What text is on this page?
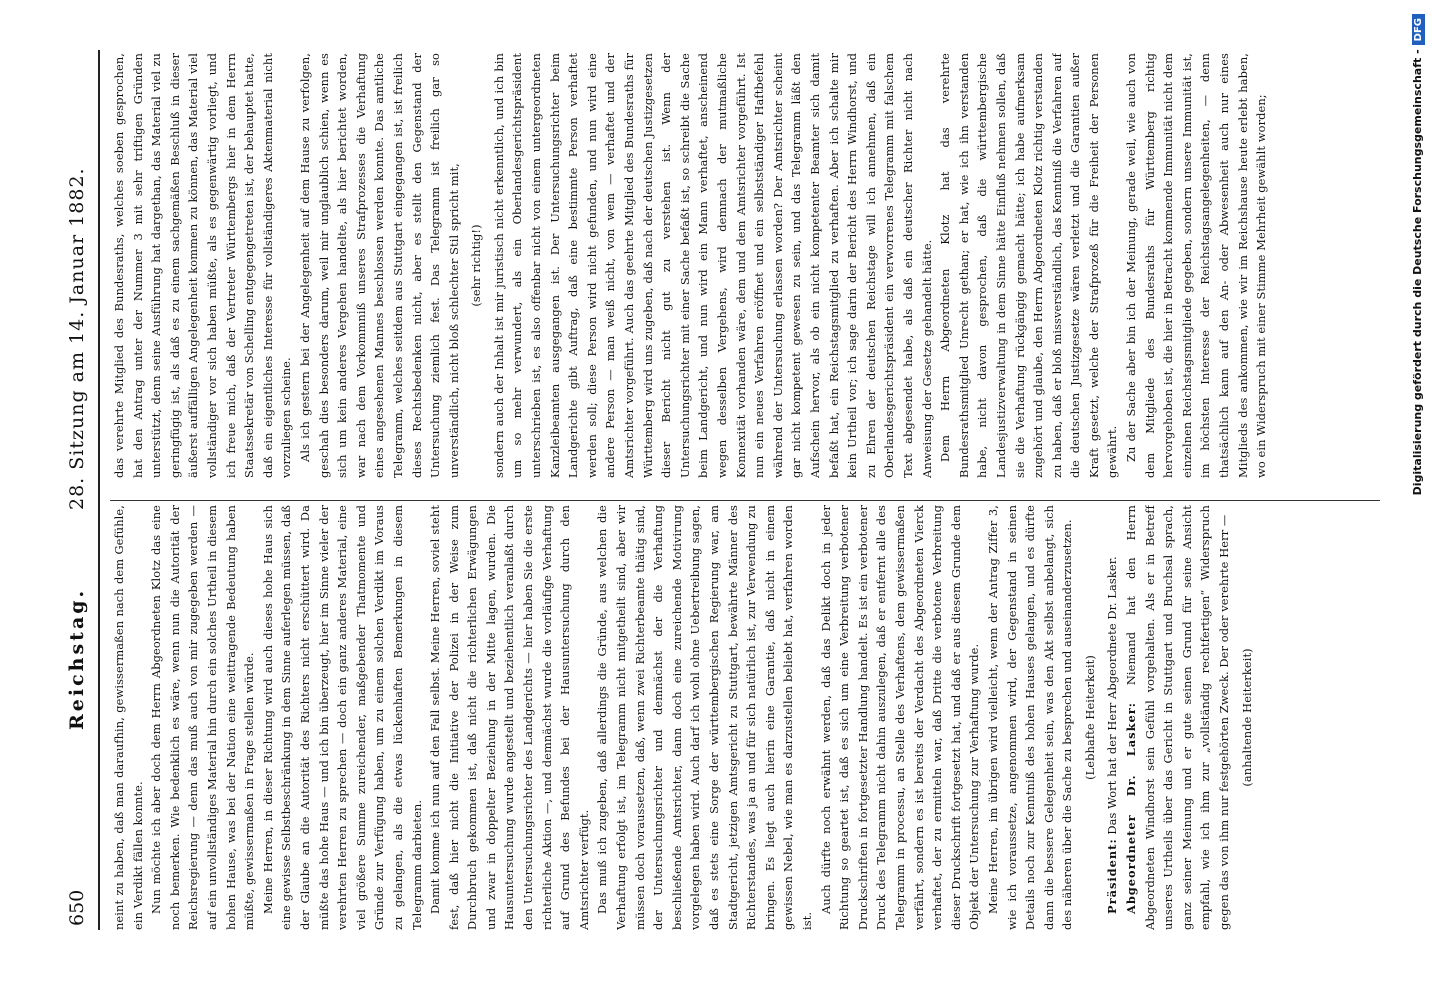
650
Reichstag.
28. Sitzung am 14. Januar 1882.

neint zu haben, daß man daraufhin, gewissermaßen nach dem Gefühle, ein Verdikt fällen konnte. Nun möchte ich aber doch dem Herrn Abgeordneten Klotz das eine noch bemerken. Wie bedenklich es wäre, wenn nun die Autorität der Reichsregierung — denn das muß auch von mir zugegeben werden — auf ein unvollständiges Material hin durch ein solches Urtheil in diesem hohen Hause, was bei der Nation eine weittragende Bedeutung haben müßte, gewissermaßen in Frage stellen würde. Meine Herren, in dieser Richtung wird auch dieses hohe Haus sich eine gewisse Selbstbeschränkung in dem Sinne auferlegen müssen, daß der Glaube an die Autorität des Richters nicht erschüttert wird. Da müßte das hohe Haus — und ich bin überzeugt, hier im Sinne vieler der verehrten Herren zu sprechen — doch ein ganz anderes Material, eine viel größere Summe zureichender, maßgebender Thatmomente und Gründe zur Verfügung haben, um zu einem solchen Verdikt im Voraus zu gelangen, als die etwas lückenhaften Bemerkungen in diesem Telegramm darbieten. Damit komme ich nun auf den Fall selbst. Meine Herren, soviel steht fest, daß hier nicht die Initiative der Polizei in der Weise zum Durchbruch gekommen ist, daß nicht die richterlichen Erwägungen und zwar in doppelter Beziehung in der Mitte lagen, wurden. Die Hausuntersuchung wurde angestellt und beziehentlich veranlaßt durch den Untersuchungsrichter des Landgerichts — hier haben Sie die erste richterliche Aktion —, und demnächst wurde die vorläufige Verhaftung auf Grund des Befundes bei der Hausuntersuchung durch den Amtsrichter verfügt. Das muß ich zugeben, daß allerdings die Gründe, aus welchen die Verhaftung erfolgt ist, im Telegramm nicht mitgetheilt sind, aber wir müssen doch voraussetzen, daß, wenn zwei Richterbeamte thätig sind, der Untersuchungsrichter und demnächst der die Verhaftung beschließende Amtsrichter, dann doch eine zureichende Motivirung vorgelegen haben wird. Auch darf ich wohl ohne Uebertreibung sagen, daß es stets eine Sorge der württembergischen Regierung war, am Stadtgericht, jetzigen Amtsgericht zu Stuttgart, bewährte Männer des Richterstandes, was ja an und für sich natürlich ist, zur Verwendung zu bringen. Es liegt auch hierin eine Garantie, daß nicht in einem gewissen Nebel, wie man es darzustellen beliebt hat, verfahren worden ist.

Auch dürfte noch erwähnt werden, daß das Delikt doch in jeder Richtung so geartet ist, daß es sich um eine Verbreitung verbotener Druckschriften in fortgesetzter Handlung handelt. Es ist ein verbotener Druck des Telegramm nicht dahin auszulegen, daß er entfernt alle des Telegramm in processu, an Stelle des Verhaftens, dem gewissermaßen verfährt, sondern es ist bereits der Verdacht des Abgeordneten Vierck verhaftet, der zu ermitteln war, daß Dritte die verbotene Verbreitung dieser Druckschrift fortgesetzt hat, und daß er aus diesem Grunde dem Objekt der Untersuchung zur Verhaftung wurde. Meine Herren, im übrigen wird vielleicht, wenn der Antrag Ziffer 3, wie ich voraussetze, angenommen wird, der Gegenstand in seinen Details noch zur Kenntniß des hohen Hauses gelangen, und es dürfte dann die bessere Gelegenheit sein, was den Akt selbst anbelangt, sich des näheren über die Sache zu besprechen und auseinanderzusetzen. (Lebhafte Heiterkeit)

Präsident: Das Wort hat der Herr Abgeordnete Dr. Lasker. Abgeordneter Dr. Lasker: Niemand hat den Herrn Abgeordneten Windhorst sein Gefühl vorgehalten. Als er in Betreff unseres Urtheils über das Gericht in Stuttgart und Bruchsal sprach, ganz seiner Meinung und er gute seinen Grund für seine Ansicht empfahl, wie ich ihm zur „vollständig rechtfertigen“ Widerspruch gegen das von ihm nur festgehörten Zweck. Der oder verehrte Herr — (anhaltende Heiterkeit)

das verehrte Mitglied des Bundesraths, welches soeben gesprochen, hat den Antrag unter der Nummer 3 mit sehr triftigen Gründen unterstützt, denn seine Ausführung hat dargethan, das Material viel zu geringfügig ist, als daß es zu einem sachgemäßen Beschluß in dieser äußerst auffälligen Angelegenheit kommen zu können, das Material viel vollständiger vor sich haben müßte, als es gegenwärtig vorliegt, und ich freue mich, daß der Vertreter Württembergs hier in dem Herrn Staatssekretär von Schelling entgegengetreten ist, der behauptet hatte, daß ein eigentliches Interesse für vollständigeres Aktenmaterial nicht vorzuliegen scheine. Als ich gestern bei der Angelegenheit auf dem Hause zu verfolgen, geschah dies besonders darum, weil mir unglaublich schien, wenn es sich um kein anderes Vergehen handelte, als hier berichtet worden, war nach dem Vorkommniß unseres Strafprozesses die Verhaftung eines angesehenen Mannes beschlossen werden konnte. Das amtliche Telegramm, welches seitdem aus Stuttgart eingegangen ist, ist freilich dieses Rechtsbedenken nicht, aber es stellt den Gegenstand der Untersuchung ziemlich fest. Das Telegramm ist freilich gar so unverständlich, nicht bloß schlechter Stil spricht mit, (sehr richtig!) sondern auch der Inhalt ist mir juristisch nicht erkenntlich, und ich bin um so mehr verwundert, als ein Oberlandesgerichtspräsident unterschrieben ist, es also offenbar nicht von einem untergeordneten Kanzleibeamten ausgegangen ist. Der Untersuchungsrichter beim Landgerichte gibt Auftrag, daß eine bestimmte Person verhaftet werden soll; diese Person wird nicht gefunden, und nun wird eine andere Person — man weiß nicht, von wem — verhaftet und der Amtsrichter vorgeführt. Auch das geehrte Mitglied des Bundesraths für Württemberg wird uns zugeben, daß nach der deutschen Justizgesetzen dieser Bericht nicht gut zu verstehen ist. Wenn der Untersuchungsrichter mit einer Sache befaßt ist, so schreibt die Sache beim Landgericht, und nun wird ein Mann verhaftet, anscheinend wegen desselben Vergehens, wird demnach der mutmaßliche Konnexität vorhanden wäre, dem und dem Amtsrichter vorgeführt. Ist nun ein neues Verfahren eröffnet und ein selbstständiger Haftbefehl während der Untersuchung erlassen worden? Der Amtsrichter scheint gar nicht kompetent gewesen zu sein, und das Telegramm läßt den Aufschein hervor, als ob ein nicht kompetenter Beamter sich damit befaßt hat, ein Reichstagsmitglied zu verhaften. Aber ich schalte mir kein Urtheil vor; ich sage darin der Bericht des Herrn Windhorst, und zu Ehren der deutschen Reichstage will ich annehmen, daß ein Oberlandesgerichtspräsident ein verworrenes Telegramm mit falschem Text abgesendet habe, als daß ein deutscher Richter nicht nach Anweisung der Gesetze gehandelt hätte. Dem Herrn Abgeordneten Klotz hat das verehrte Bundesrathsmitglied Unrecht gethan; er hat, wie ich ihn verstanden habe, nicht davon gesprochen, daß die württembergische Landesjustizverwaltung in dem Sinne hätte Einfluß nehmen sollen, daß sie die Verhaftung rückgängig gemacht hätte; ich habe aufmerksam zugehört und glaube, den Herrn Abgeordneten Klotz richtig verstanden zu haben, daß er bloß missverständlich, das Kenntniß die Verfahren auf die deutschen Justizgesetze wären verletzt und die Garantien außer Kraft gesetzt, welche der Strafprozeß für die Freiheit der Personen gewährt. Zu der Sache aber bin ich der Meinung, gerade weil, wie auch von dem Mitgliede des Bundesraths für Württemberg richtig hervorgehoben ist, die hier in Betracht kommende Immunität nicht dem einzelnen Reichstagsmitgliede gegeben, sondern unsere Immunität ist, im höchsten Interesse der Reichstagsangelegenheiten, — denn thatsächlich kann auf den An- oder Abwesenheit auch nur eines Mitglieds des ankommen, wie wir im Reichshause heute erlebt haben, wo ein Widerspruch mit einer Stimme Mehrheit gewählt worden;	Digitalisierung gefördert durch die Deutsche Forschungsgemeinschaft -DFG
